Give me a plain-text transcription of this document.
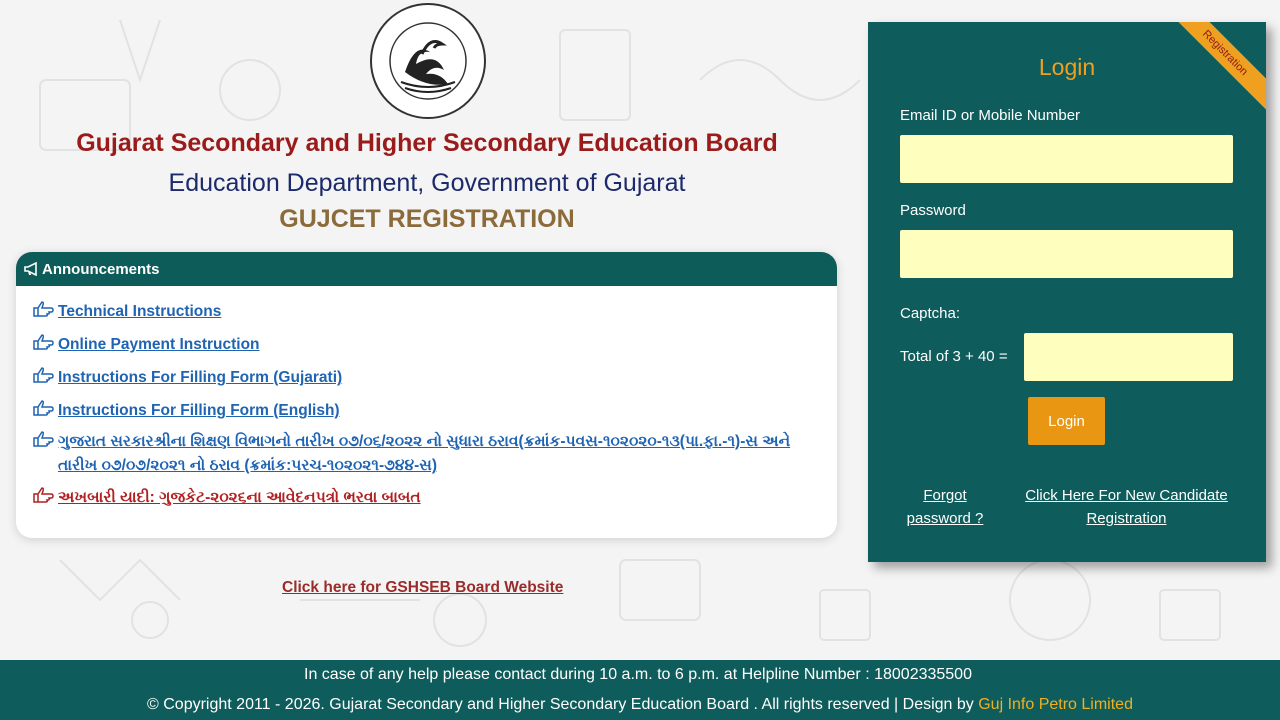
Gujarat Secondary and Higher Secondary Education Board
Education Department, Government of Gujarat
GUJCET REGISTRATION
Announcements
Technical Instructions
Online Payment Instruction
Instructions For Filling Form (Gujarati)
Instructions For Filling Form (English)
ગુજરાત સરકારશ્રીના શિક્ષણ વિભાગનો તારીખ ૦૭/૦૬/૨૦૨૨ નો સુધારા ઠરાવ(ક્રમાંક-પવસ-૧૦૨૦૨૦-૧૩(પા.ફા.-૧)-સ અને તારીખ ૦૭/૦૭/૨૦૨૧ નો ઠરાવ (ક્રમાંક:પરચ-૧૦૨૦૨૧-૭૪૪-સ)
અખબારી યાદી: ગુજકેટ-૨૦૨૬ના આવેદનપત્રો ભરવા બાબત
Click here for GSHSEB Board Website
Registration
Login
Email ID or Mobile Number
Password
Captcha:
Total of 3 + 40 =
Login
Forgot
password ?
Click Here For New Candidate
Registration
In case of any help please contact during 10 a.m. to 6 p.m. at Helpline Number : 18002335500
© Copyright 2011 - 2026. Gujarat Secondary and Higher Secondary Education Board . All rights reserved | Design by Guj Info Petro Limited
